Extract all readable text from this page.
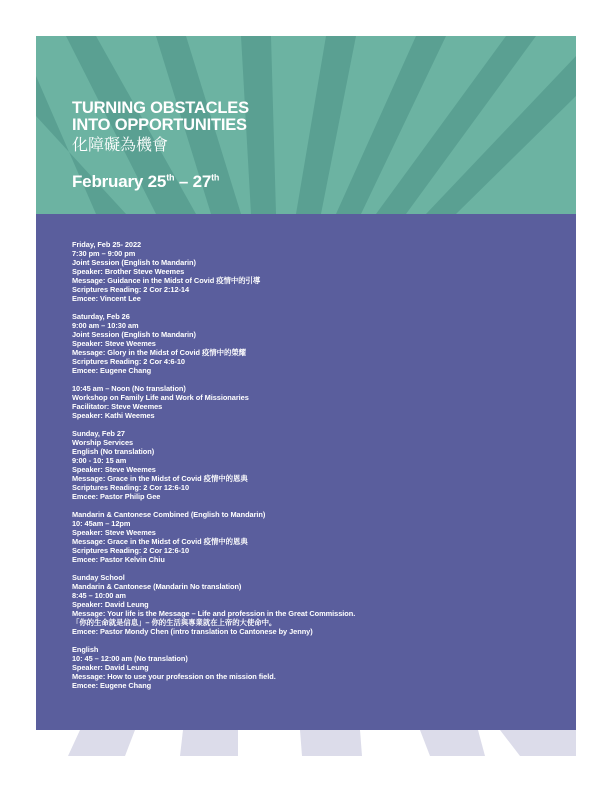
TURNING OBSTACLES
INTO OPPORTUNITIES
化障礙為機會
February 25th – 27th
Friday, Feb 25- 2022
7:30 pm – 9:00 pm
Joint Session (English to Mandarin)
Speaker: Brother Steve Weemes
Message: Guidance in the Midst of Covid 疫情中的引導
Scriptures Reading: 2 Cor 2:12-14
Emcee: Vincent Lee
Saturday, Feb 26
9:00 am – 10:30 am
Joint Session (English to Mandarin)
Speaker: Steve Weemes
Message: Glory in the Midst of Covid 疫情中的榮耀
Scriptures Reading: 2 Cor 4:6-10
Emcee: Eugene Chang
10:45 am – Noon (No translation)
Workshop on Family Life and Work of Missionaries
Facilitator: Steve Weemes
Speaker: Kathi Weemes
Sunday, Feb 27
Worship Services
English (No translation)
9:00 - 10: 15 am
Speaker: Steve Weemes
Message: Grace in the Midst of Covid 疫情中的恩典
Scriptures Reading: 2 Cor 12:6-10
Emcee: Pastor Philip Gee
Mandarin & Cantonese Combined (English to Mandarin)
10: 45am – 12pm
Speaker: Steve Weemes
Message: Grace in the Midst of Covid 疫情中的恩典
Scriptures Reading: 2 Cor 12:6-10
Emcee: Pastor Kelvin Chiu
Sunday School
Mandarin & Cantonese (Mandarin No translation)
8:45 – 10:00 am
Speaker: David Leung
Message: Your life is the Message – Life and profession in the Great Commission.
「你的生命就是信息」– 你的生活與專業就在上帝的大使命中。
Emcee: Pastor Mondy Chen (intro translation to Cantonese by Jenny)
English
10: 45 – 12:00 am (No translation)
Speaker: David Leung
Message: How to use your profession on the mission field.
Emcee: Eugene Chang
